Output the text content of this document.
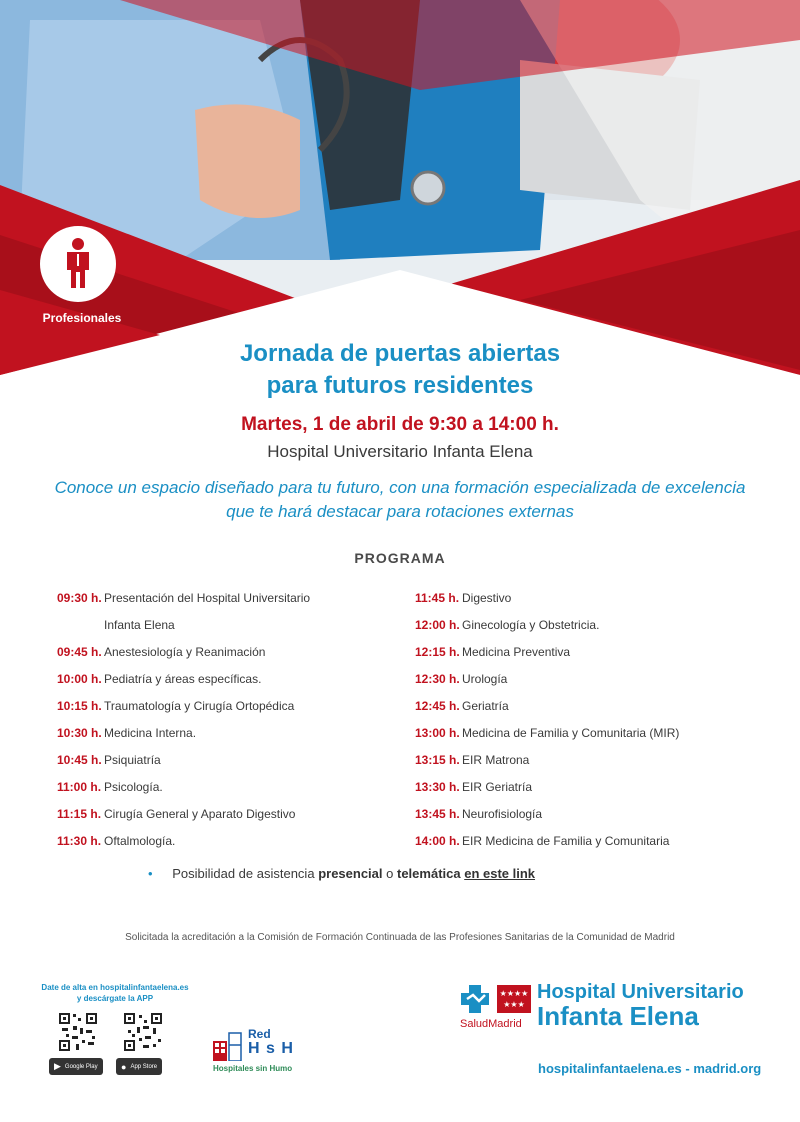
Profesionales
Jornada de puertas abiertas
para futuros residentes
Martes, 1 de abril de 9:30 a 14:00 h.
Hospital Universitario Infanta Elena
Conoce un espacio diseñado para tu futuro, con una formación especializada de excelencia que te hará destacar para rotaciones externas
PROGRAMA
09:30 h. Presentación del Hospital Universitario Infanta Elena
09:45 h. Anestesiología y Reanimación
10:00 h. Pediatría y áreas específicas.
10:15 h. Traumatología y Cirugía Ortopédica
10:30 h. Medicina Interna.
10:45 h. Psiquiatría
11:00 h. Psicología.
11:15 h. Cirugía General y Aparato Digestivo
11:30 h. Oftalmología.
11:45 h. Digestivo
12:00 h. Ginecología y Obstetricia.
12:15 h. Medicina Preventiva
12:30 h. Urología
12:45 h. Geriatría
13:00 h. Medicina de Familia y Comunitaria (MIR)
13:15 h. EIR Matrona
13:30 h. EIR Geriatría
13:45 h. Neurofisiología
14:00 h. EIR Medicina de Familia y Comunitaria
• Posibilidad de asistencia presencial o telemática en este link
Solicitada la acreditación a la Comisión de Formación Continuada de las Profesiones Sanitarias de la Comunidad de Madrid
Date de alta en hospitalinfantaelena.es
y descárgate la APP
▶ Google Play	● App Store
Red
H s H
Hospitales sin Humo
★★★★
★★★
SaludMadrid
Hospital Universitario
Infanta Elena
hospitalinfantaelena.es - madrid.org
